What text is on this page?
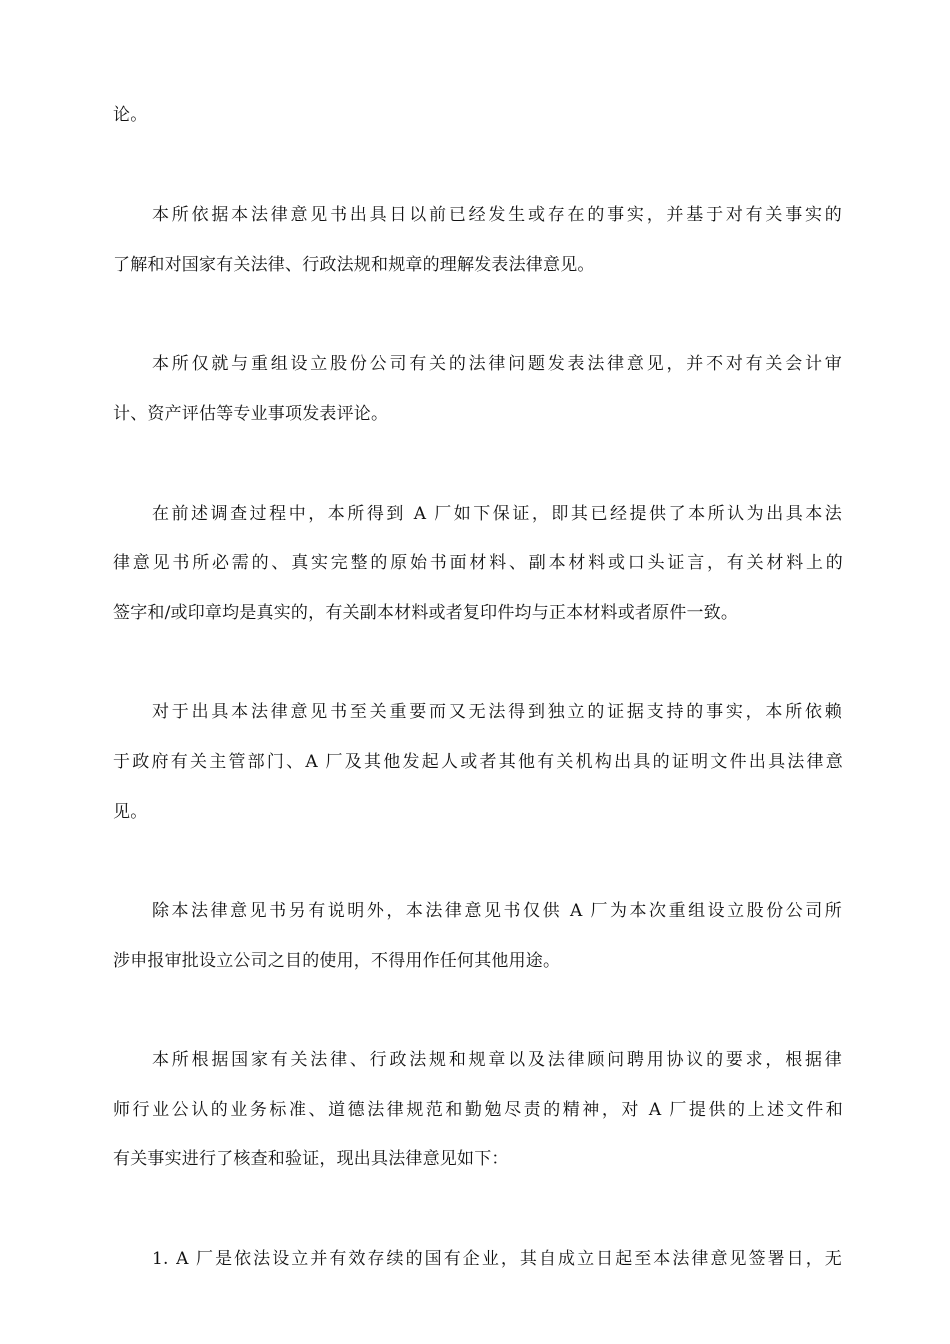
论。
本所依据本法律意见书出具日以前已经发生或存在的事实，并基于对有关事实的
了解和对国家有关法律、行政法规和规章的理解发表法律意见。
本所仅就与重组设立股份公司有关的法律问题发表法律意见，并不对有关会计审
计、资产评估等专业事项发表评论。
在前述调查过程中，本所得到 A 厂如下保证，即其已经提供了本所认为出具本法
律意见书所必需的、真实完整的原始书面材料、副本材料或口头证言，有关材料上的
签字和/或印章均是真实的，有关副本材料或者复印件均与正本材料或者原件一致。
对于出具本法律意见书至关重要而又无法得到独立的证据支持的事实，本所依赖
于政府有关主管部门、A 厂及其他发起人或者其他有关机构出具的证明文件出具法律意
见。
除本法律意见书另有说明外，本法律意见书仅供 A 厂为本次重组设立股份公司所
涉申报审批设立公司之目的使用，不得用作任何其他用途。
本所根据国家有关法律、行政法规和规章以及法律顾问聘用协议的要求，根据律
师行业公认的业务标准、道德法律规范和勤勉尽责的精神，对 A 厂提供的上述文件和
有关事实进行了核查和验证，现出具法律意见如下：
1. A 厂是依法设立并有效存续的国有企业，其自成立日起至本法律意见签署日，无
